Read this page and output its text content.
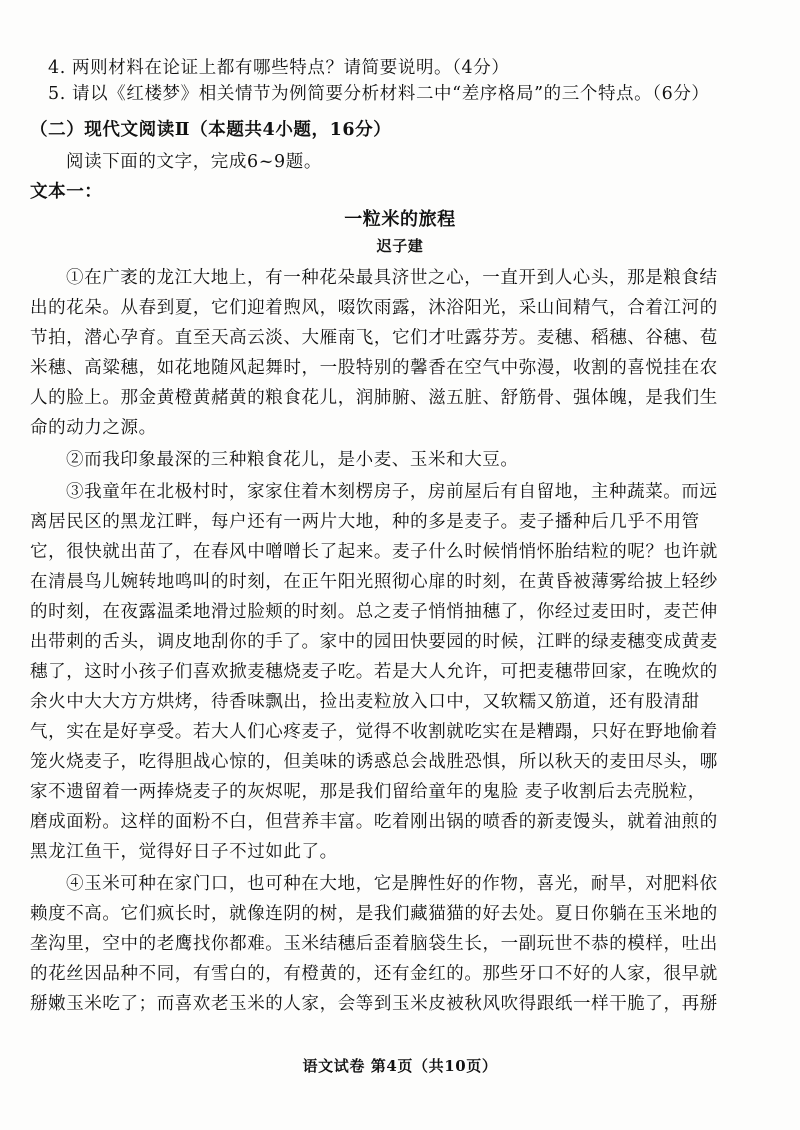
4. 两则材料在论证上都有哪些特点？请简要说明。（4分）
5. 请以《红楼梦》相关情节为例简要分析材料二中“差序格局”的三个特点。（6分）
（二）现代文阅读Ⅱ（本题共4小题，16分）
阅读下面的文字，完成6~9题。
文本一：
一粒米的旅程
迟子建
①在广袤的龙江大地上，有一种花朵最具济世之心，一直开到人心头，那是粮食结
出的花朵。从春到夏，它们迎着煦风，啜饮雨露，沐浴阳光，采山间精气，合着江河的
节拍，潜心孕育。直至天高云淡、大雁南飞，它们才吐露芬芳。麦穗、稻穗、谷穗、苞
米穗、高粱穗，如花地随风起舞时，一股特别的馨香在空气中弥漫，收割的喜悦挂在农
人的脸上。那金黄橙黄赭黄的粮食花儿，润肺腑、滋五脏、舒筋骨、强体魄，是我们生
命的动力之源。
②而我印象最深的三种粮食花儿，是小麦、玉米和大豆。
③我童年在北极村时，家家住着木刻楞房子，房前屋后有自留地，主种蔬菜。而远
离居民区的黑龙江畔，每户还有一两片大地，种的多是麦子。麦子播种后几乎不用管
它，很快就出苗了，在春风中噌噌长了起来。麦子什么时候悄悄怀胎结粒的呢？也许就
在清晨鸟儿婉转地鸣叫的时刻，在正午阳光照彻心扉的时刻，在黄昏被薄雾给披上轻纱
的时刻，在夜露温柔地滑过脸颊的时刻。总之麦子悄悄抽穗了，你经过麦田时，麦芒伸
出带刺的舌头，调皮地刮你的手了。家中的园田快要园的时候，江畔的绿麦穗变成黄麦
穗了，这时小孩子们喜欢掀麦穗烧麦子吃。若是大人允许，可把麦穗带回家，在晚炊的
余火中大大方方烘烤，待香味飘出，捡出麦粒放入口中，又软糯又筋道，还有股清甜
气，实在是好享受。若大人们心疼麦子，觉得不收割就吃实在是糟蹋，只好在野地偷着
笼火烧麦子，吃得胆战心惊的，但美味的诱惑总会战胜恐惧，所以秋天的麦田尽头，哪
家不遗留着一两捧烧麦子的灰烬呢，那是我们留给童年的鬼脸 麦子收割后去壳脱粒，
磨成面粉。这样的面粉不白，但营养丰富。吃着刚出锅的喷香的新麦馒头，就着油煎的
黑龙江鱼干，觉得好日子不过如此了。
④玉米可种在家门口，也可种在大地，它是脾性好的作物，喜光，耐旱，对肥料依
赖度不高。它们疯长时，就像连阴的树，是我们藏猫猫的好去处。夏日你躺在玉米地的
垄沟里，空中的老鹰找你都难。玉米结穗后歪着脑袋生长，一副玩世不恭的模样，吐出
的花丝因品种不同，有雪白的，有橙黄的，还有金红的。那些牙口不好的人家，很早就
掰嫩玉米吃了；而喜欢老玉米的人家，会等到玉米皮被秋风吹得跟纸一样干脆了，再掰
语文试卷 第4页（共10页）
